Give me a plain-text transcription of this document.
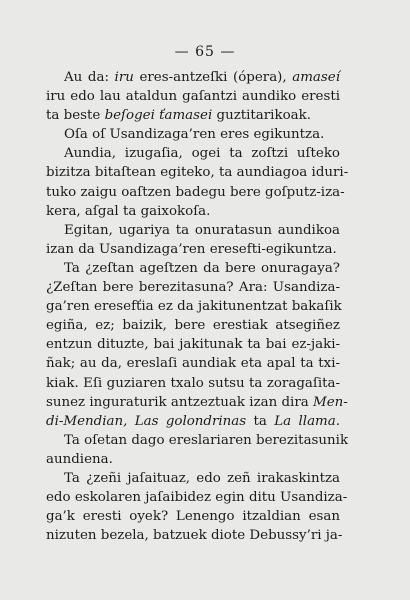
— 65 —
Au da: iru eres-antzeſki (ópera), amaseí
iru edo lau ataldun gaſantzi aundiko eresti
ta beste beſogei ťamasei guztitarikoak.
Oſa oſ Usandizaga’ren eres egikuntza.
Aundia, izugaſia, ogei ta zoſtzi uſteko
bizitza bitaſtean egiteko, ta aundiagoa iduri-
tuko zaigu oaſtzen badegu bere goſputz-iza-
kera, aſgal ta gaixokoſa.
Egitan, ugariya ta onuratasun aundikoa
izan da Usandizaga’ren eresefti-egikuntza.
Ta ¿zeſtan ageſtzen da bere onuragaya?
¿Zeſtan bere berezitasuna? Ara: Usandiza-
ga’ren eresefťia ez da jakitunentzat bakaſik
egiña, ez; baizik, bere erestiak atsegiñez
entzun dituzte, bai jakitunak ta bai ez-jaki-
ñak; au da, ereslaſi aundiak eta apal ta txi-
kiak. Eſi guziaren txalo sutsu ta zoragaſita-
sunez inguraturik antzeztuak izan dira Men-
di-Mendian, Las golondrinas ta La llama.
Ta oſetan dago ereslariaren berezitasunik
aundiena.
Ta ¿zeñi jaſaituaz, edo zeñ irakaskintza
edo eskolaren jaſaibidez egin ditu Usandiza-
ga’k eresti oyek? Lenengo itzaldian esan
nizuten bezela, batzuek diote Debussy’ri ja-
